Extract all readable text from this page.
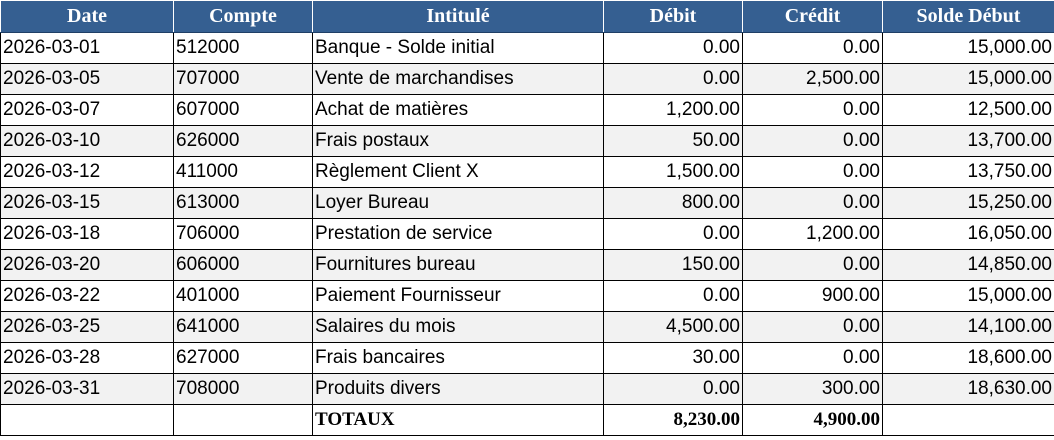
Date	Compte	Intitulé	Débit	Crédit	Solde Début
2026-03-01	512000	Banque - Solde initial	0.00	0.00	15,000.00
2026-03-05	707000	Vente de marchandises	0.00	2,500.00	15,000.00
2026-03-07	607000	Achat de matières	1,200.00	0.00	12,500.00
2026-03-10	626000	Frais postaux	50.00	0.00	13,700.00
2026-03-12	411000	Règlement Client X	1,500.00	0.00	13,750.00
2026-03-15	613000	Loyer Bureau	800.00	0.00	15,250.00
2026-03-18	706000	Prestation de service	0.00	1,200.00	16,050.00
2026-03-20	606000	Fournitures bureau	150.00	0.00	14,850.00
2026-03-22	401000	Paiement Fournisseur	0.00	900.00	15,000.00
2026-03-25	641000	Salaires du mois	4,500.00	0.00	14,100.00
2026-03-28	627000	Frais bancaires	30.00	0.00	18,600.00
2026-03-31	708000	Produits divers	0.00	300.00	18,630.00
		TOTAUX	8,230.00	4,900.00	
